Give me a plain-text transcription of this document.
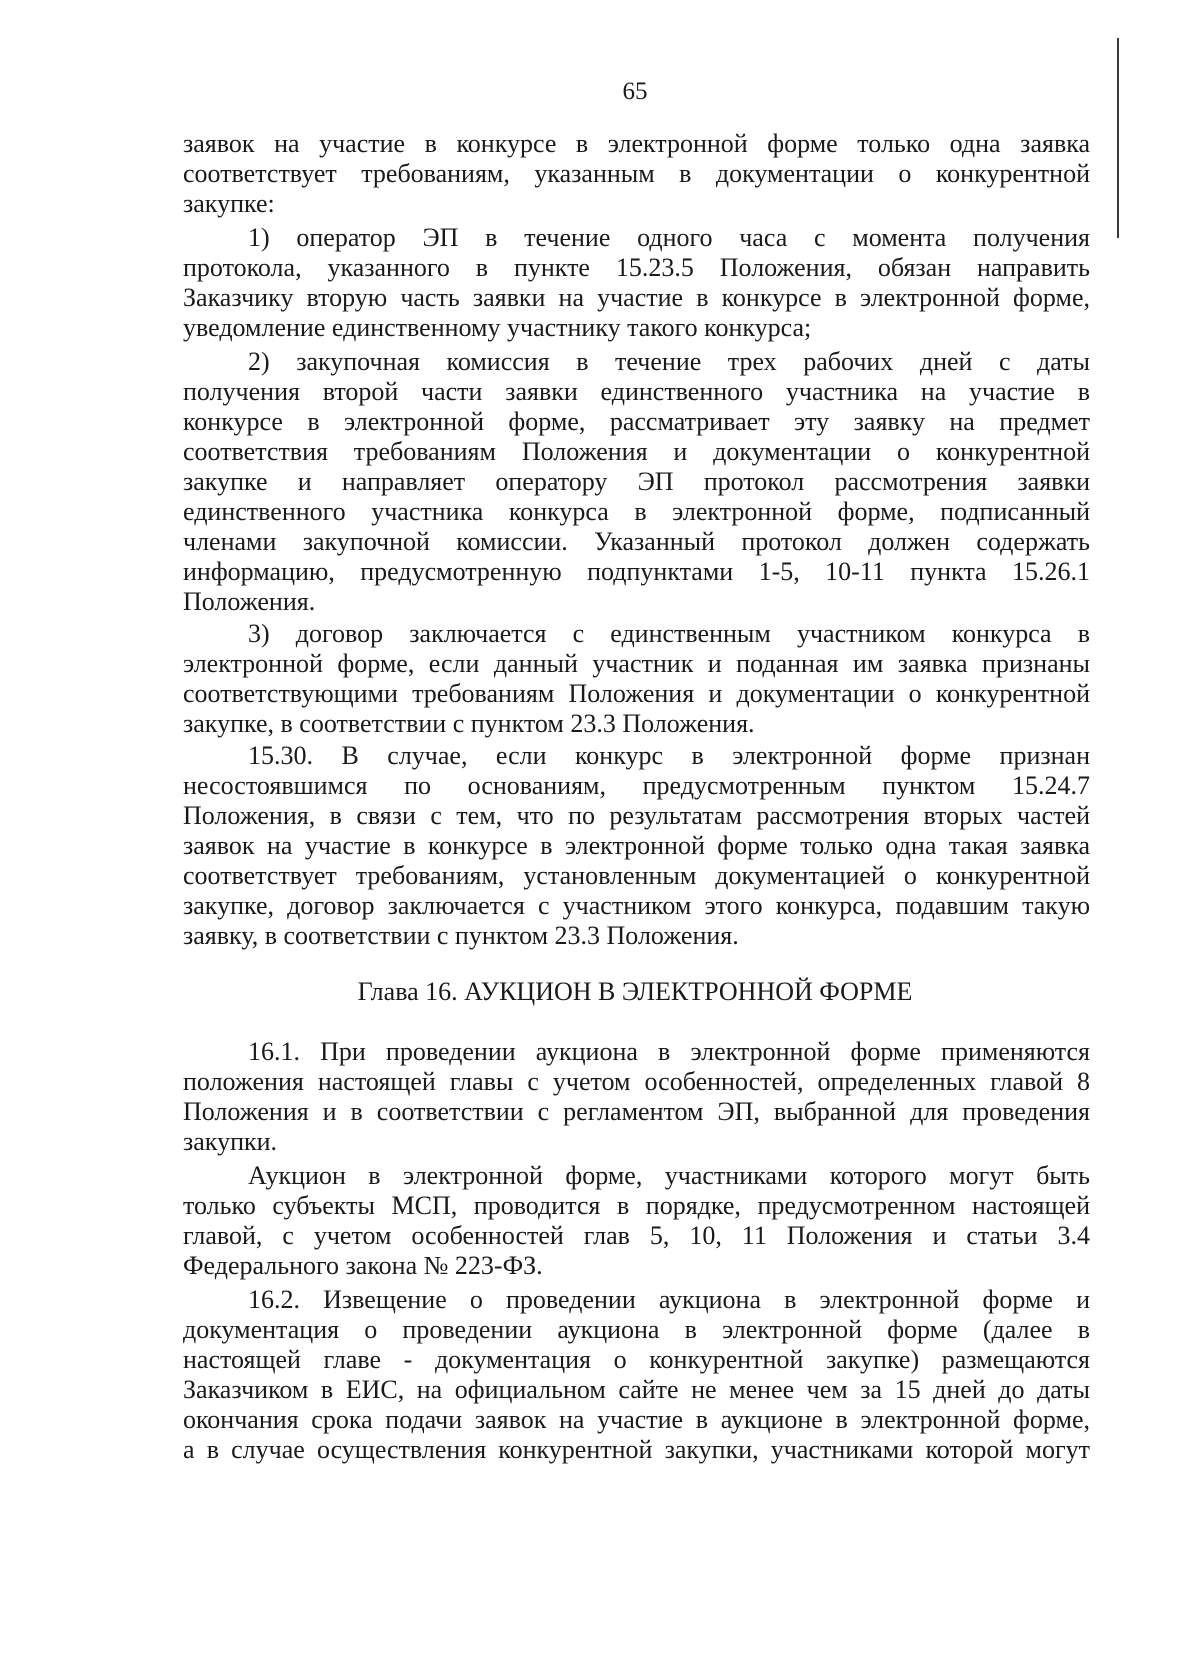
65
заявок на участие в конкурсе в электронной форме только одна заявка
соответствует требованиям, указанным в документации о конкурентной
закупке:
1) оператор ЭП в течение одного часа с момента получения
протокола, указанного в пункте 15.23.5 Положения, обязан направить
Заказчику вторую часть заявки на участие в конкурсе в электронной форме,
уведомление единственному участнику такого конкурса;
2) закупочная комиссия в течение трех рабочих дней с даты
получения второй части заявки единственного участника на участие в
конкурсе в электронной форме, рассматривает эту заявку на предмет
соответствия требованиям Положения и документации о конкурентной
закупке и направляет оператору ЭП протокол рассмотрения заявки
единственного участника конкурса в электронной форме, подписанный
членами закупочной комиссии. Указанный протокол должен содержать
информацию, предусмотренную подпунктами 1-5, 10-11 пункта 15.26.1
Положения.
3) договор заключается с единственным участником конкурса в
электронной форме, если данный участник и поданная им заявка признаны
соответствующими требованиям Положения и документации о конкурентной
закупке, в соответствии с пунктом 23.3 Положения.
15.30. В случае, если конкурс в электронной форме признан
несостоявшимся по основаниям, предусмотренным пунктом 15.24.7
Положения, в связи с тем, что по результатам рассмотрения вторых частей
заявок на участие в конкурсе в электронной форме только одна такая заявка
соответствует требованиям, установленным документацией о конкурентной
закупке, договор заключается с участником этого конкурса, подавшим такую
заявку, в соответствии с пунктом 23.3 Положения.
Глава 16. АУКЦИОН В ЭЛЕКТРОННОЙ ФОРМЕ
16.1. При проведении аукциона в электронной форме применяются
положения настоящей главы с учетом особенностей, определенных главой 8
Положения и в соответствии с регламентом ЭП, выбранной для проведения
закупки.
Аукцион в электронной форме, участниками которого могут быть
только субъекты МСП, проводится в порядке, предусмотренном настоящей
главой, с учетом особенностей глав 5, 10, 11 Положения и статьи 3.4
Федерального закона № 223-ФЗ.
16.2. Извещение о проведении аукциона в электронной форме и
документация о проведении аукциона в электронной форме (далее в
настоящей главе - документация о конкурентной закупке) размещаются
Заказчиком в ЕИС, на официальном сайте не менее чем за 15 дней до даты
окончания срока подачи заявок на участие в аукционе в электронной форме,
а в случае осуществления конкурентной закупки, участниками которой могут
